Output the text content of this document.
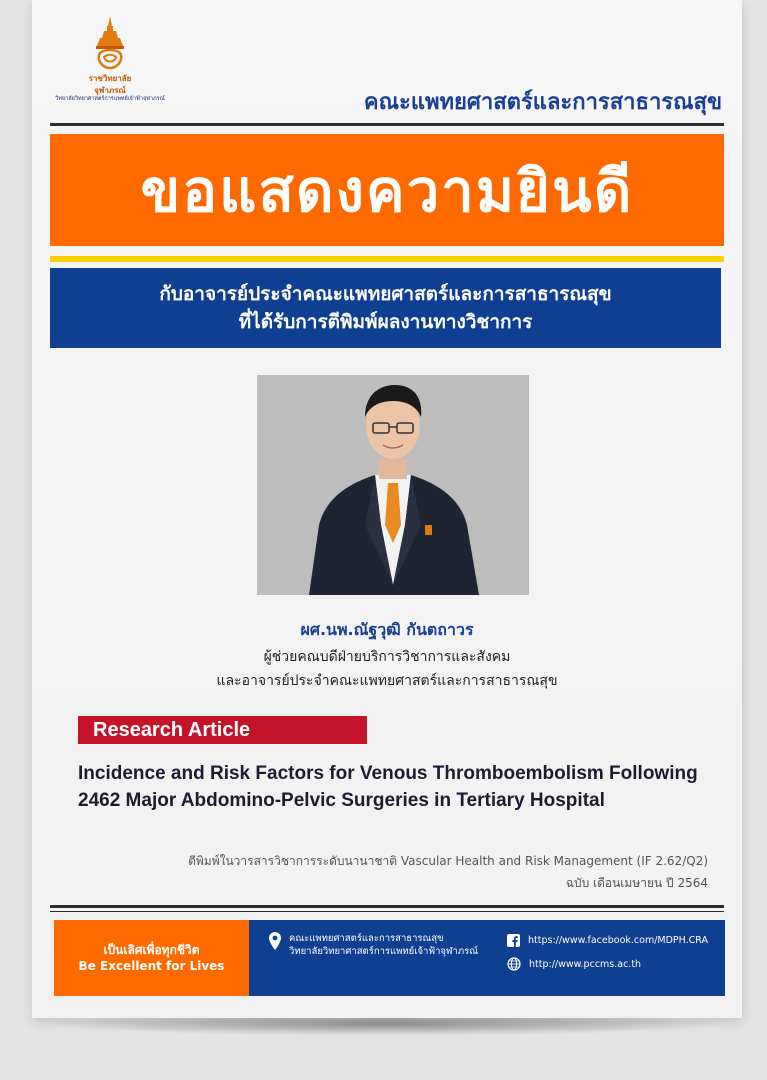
ราชวิทยาลัย
จุฬาภรณ์
วิทยาลัยวิทยาศาสตร์การแพทย์เจ้าฟ้าจุฬาภรณ์	คณะแพทยศาสตร์และการสาธารณสุข
ขอแสดงความยินดี
กับอาจารย์ประจำคณะแพทยศาสตร์และการสาธารณสุข
ที่ได้รับการตีพิมพ์ผลงานทางวิชาการ
ผศ.นพ.ณัฐวุฒิ กันตถาวร
ผู้ช่วยคณบดีฝ่ายบริการวิชาการและสังคม
และอาจารย์ประจำคณะแพทยศาสตร์และการสาธารณสุข
Research Article
Incidence and Risk Factors for Venous Thromboembolism Following 2462 Major Abdomino-Pelvic Surgeries in Tertiary Hospital
ตีพิมพ์ในวารสารวิชาการระดับนานาชาติ Vascular Health and Risk Management (IF 2.62/Q2)
ฉบับ เดือนเมษายน ปี 2564
เป็นเลิศเพื่อทุกชีวิต
Be Excellent for Lives
คณะแพทยศาสตร์และการสาธารณสุข
วิทยาลัยวิทยาศาสตร์การแพทย์เจ้าฟ้าจุฬาภรณ์
https://www.facebook.com/MDPH.CRA
http://www.pccms.ac.th
